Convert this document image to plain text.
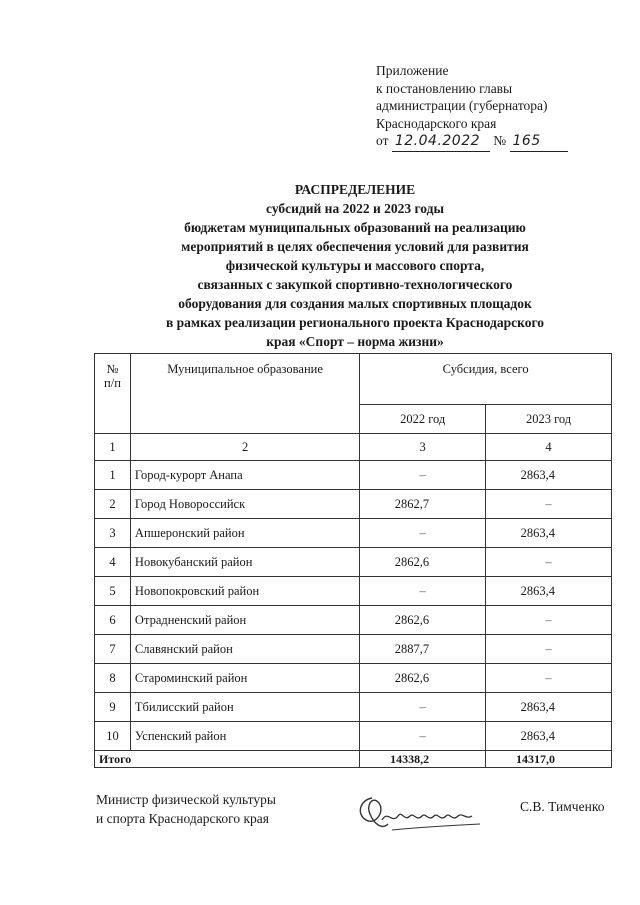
Приложение
к постановлению главы
администрации (губернатора)
Краснодарского края
от 12.04.2022 № 165
РАСПРЕДЕЛЕНИЕ
субсидий на 2022 и 2023 годы
бюджетам муниципальных образований на реализацию
мероприятий в целях обеспечения условий для развития
физической культуры и массового спорта,
связанных с закупкой спортивно-технологического
оборудования для создания малых спортивных площадок
в рамках реализации регионального проекта Краснодарского
края «Спорт – норма жизни»
№
п/п	Муниципальное образование	Субсидия, всего	
		2022 год	2023 год
1	2	3	4
1	Город-курорт Анапа	–	2863,4
2	Город Новороссийск	2862,7	–
3	Апшеронский район	–	2863,4
4	Новокубанский район	2862,6	–
5	Новопокровский район	–	2863,4
6	Отрадненский район	2862,6	–
7	Славянский район	2887,7	–
8	Староминский район	2862,6	–
9	Тбилисский район	–	2863,4
10	Успенский район	–	2863,4
Итого		14338,2	14317,0
Министр физической культуры
и спорта Краснодарского края
С.В. Тимченко
